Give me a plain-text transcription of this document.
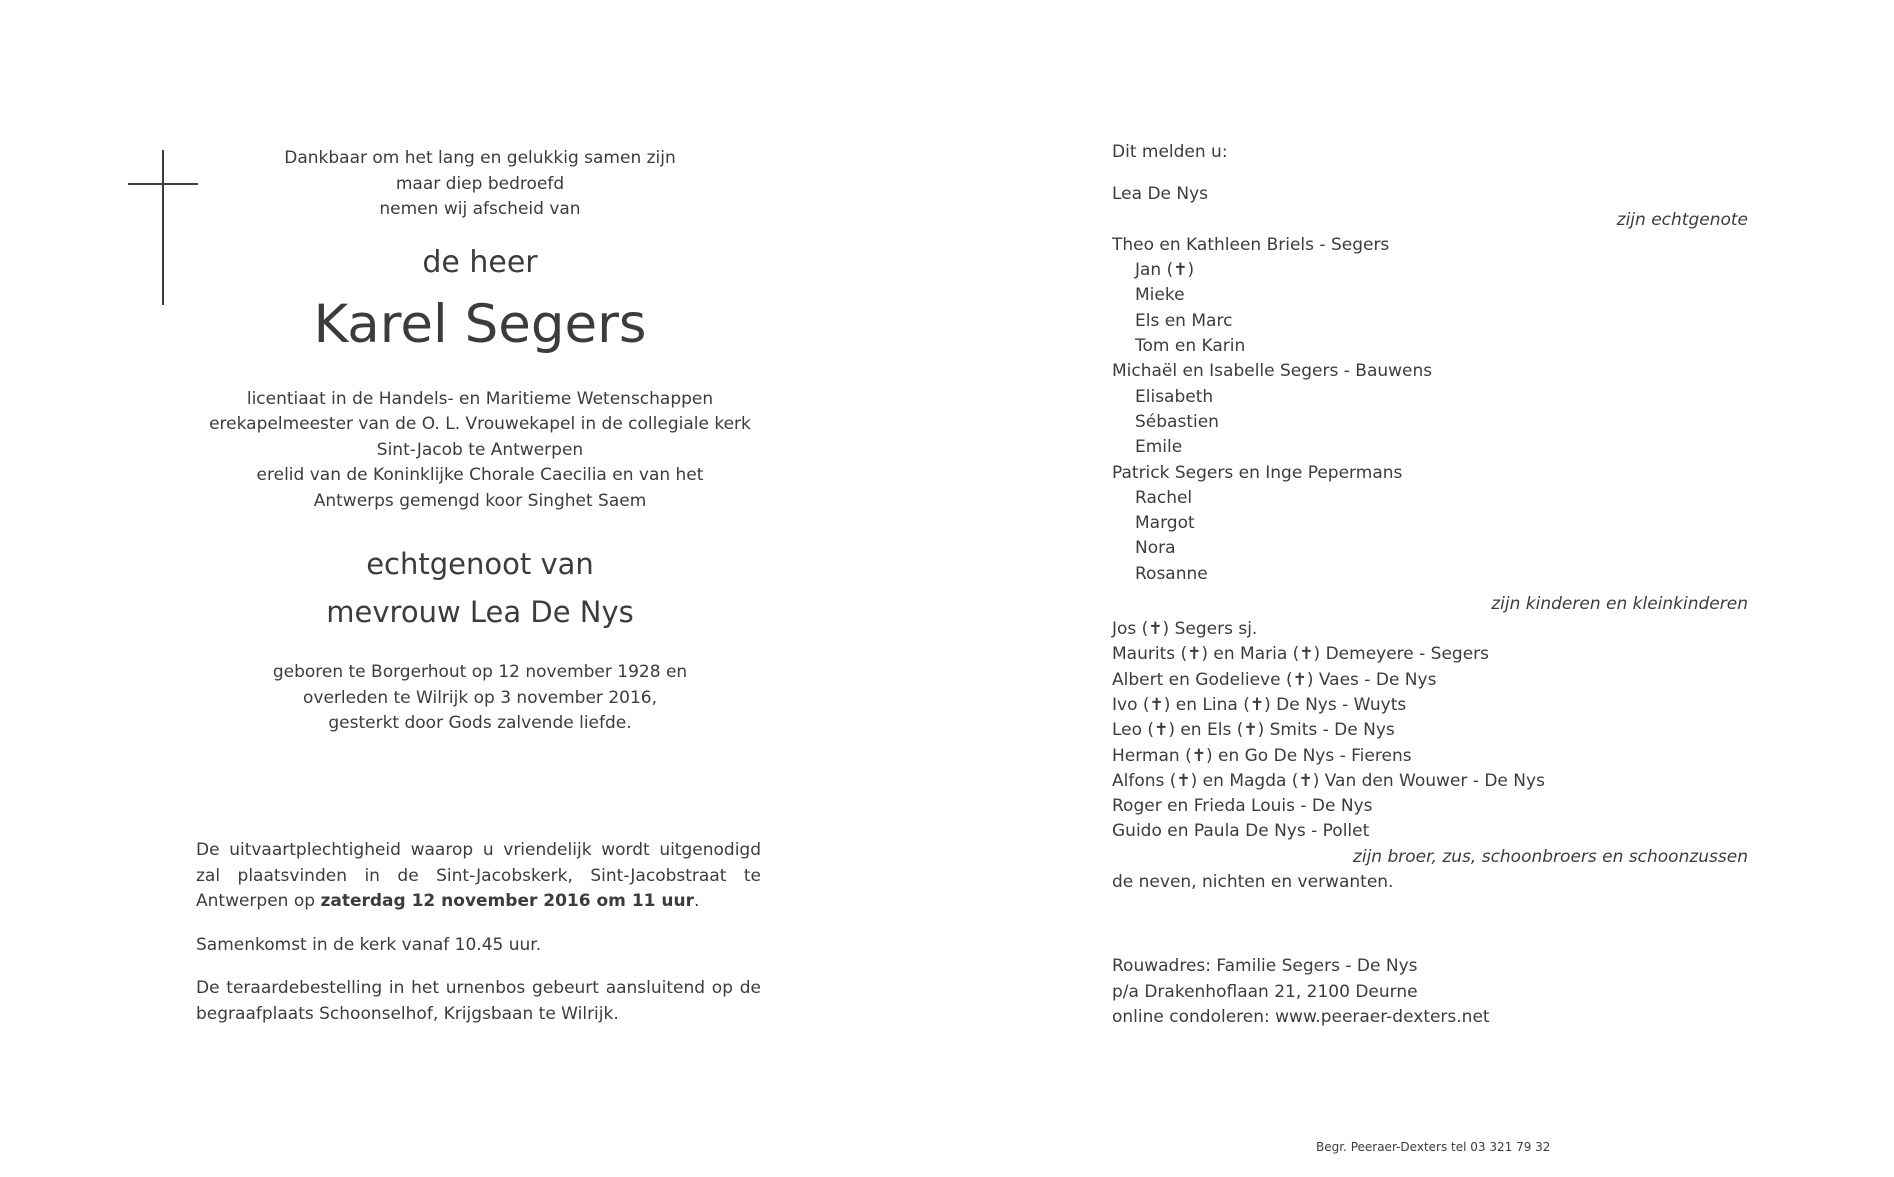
Dankbaar om het lang en gelukkig samen zijn
maar diep bedroefd
nemen wij afscheid van
de heer
Karel Segers
licentiaat in de Handels- en Maritieme Wetenschappen
erekapelmeester van de O. L. Vrouwekapel in de collegiale kerk
Sint-Jacob te Antwerpen
erelid van de Koninklijke Chorale Caecilia en van het
Antwerps gemengd koor Singhet Saem
echtgenoot van
mevrouw Lea De Nys
geboren te Borgerhout op 12 november 1928 en
overleden te Wilrijk op 3 november 2016,
gesterkt door Gods zalvende liefde.

De uitvaartplechtigheid waarop u vriendelijk wordt uitgenodigd zal plaatsvinden in de Sint-Jacobskerk, Sint-Jacobstraat te Antwerpen op zaterdag 12 november 2016 om 11 uur.

Samenkomst in de kerk vanaf 10.45 uur.

De teraardebestelling in het urnenbos gebeurt aansluitend op de begraafplaats Schoonselhof, Krijgsbaan te Wilrijk.

Dit melden u:
Lea De Nys
zijn echtgenote
Theo en Kathleen Briels - Segers
Jan (✝)
Mieke
Els en Marc
Tom en Karin
Michaël en Isabelle Segers - Bauwens
Elisabeth
Sébastien
Emile
Patrick Segers en Inge Pepermans
Rachel
Margot
Nora
Rosanne
zijn kinderen en kleinkinderen
Jos (✝) Segers sj.
Maurits (✝) en Maria (✝) Demeyere - Segers
Albert en Godelieve (✝) Vaes - De Nys
Ivo (✝) en Lina (✝) De Nys - Wuyts
Leo (✝) en Els (✝) Smits - De Nys
Herman (✝) en Go De Nys - Fierens
Alfons (✝) en Magda (✝) Van den Wouwer - De Nys
Roger en Frieda Louis - De Nys
Guido en Paula De Nys - Pollet
zijn broer, zus, schoonbroers en schoonzussen
de neven, nichten en verwanten.
Rouwadres: Familie Segers - De Nys
p/a Drakenhoflaan 21, 2100 Deurne
online condoleren: www.peeraer-dexters.net
Begr. Peeraer-Dexters tel 03 321 79 32
